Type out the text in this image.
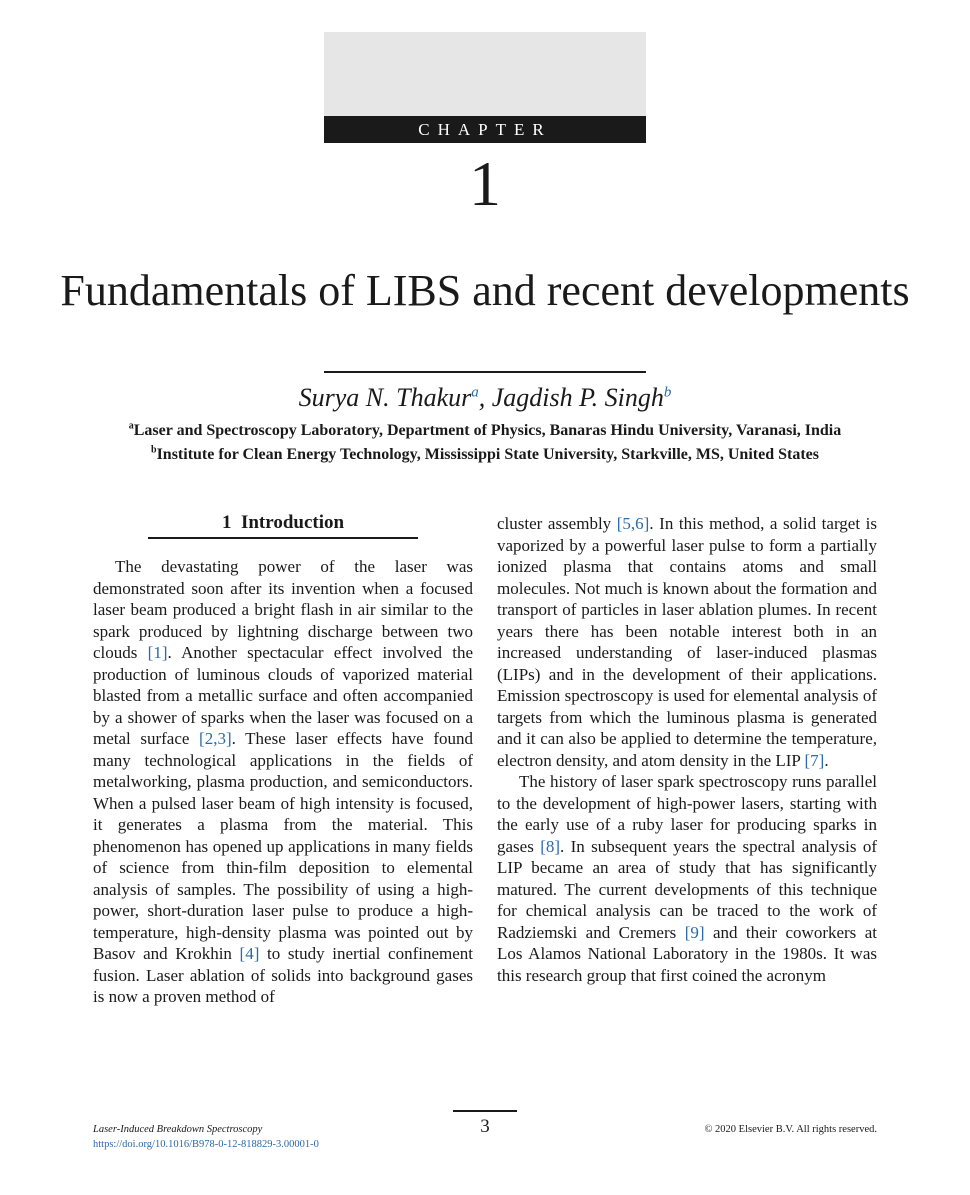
CHAPTER
1
Fundamentals of LIBS and recent developments
Surya N. Thakur$^a$, Jagdish P. Singh$^b$
$^a$Laser and Spectroscopy Laboratory, Department of Physics, Banaras Hindu University, Varanasi, India
$^b$Institute for Clean Energy Technology, Mississippi State University, Starkville, MS, United States
1 Introduction

The devastating power of the laser was demonstrated soon after its invention when a focused laser beam produced a bright flash in air similar to the spark produced by lightning discharge between two clouds [1]. Another spectacular effect involved the production of luminous clouds of vaporized material blasted from a metallic surface and often accompanied by a shower of sparks when the laser was focused on a metal surface [2,3]. These laser effects have found many technological applications in the fields of metalworking, plasma production, and semiconductors. When a pulsed laser beam of high intensity is focused, it generates a plasma from the material. This phenomenon has opened up applications in many fields of science from thin-film deposition to elemental analysis of samples. The possibility of using a high-power, short-duration laser pulse to produce a high-temperature, high-density plasma was pointed out by Basov and Krokhin [4] to study inertial confinement fusion. Laser ablation of solids into background gases is now a proven method of

cluster assembly [5,6]. In this method, a solid target is vaporized by a powerful laser pulse to form a partially ionized plasma that contains atoms and small molecules. Not much is known about the formation and transport of particles in laser ablation plumes. In recent years there has been notable interest both in an increased understanding of laser-induced plasmas (LIPs) and in the development of their applications. Emission spectroscopy is used for elemental analysis of targets from which the luminous plasma is generated and it can also be applied to determine the temperature, electron density, and atom density in the LIP [7].

The history of laser spark spectroscopy runs parallel to the development of high-power lasers, starting with the early use of a ruby laser for producing sparks in gases [8]. In subsequent years the spectral analysis of LIP became an area of study that has significantly matured. The current developments of this technique for chemical analysis can be traced to the work of Radziemski and Cremers [9] and their coworkers at Los Alamos National Laboratory in the 1980s. It was this research group that first coined the acronym

3
Laser-Induced Breakdown Spectroscopy
https://doi.org/10.1016/B978-0-12-818829-3.00001-0
© 2020 Elsevier B.V. All rights reserved.
